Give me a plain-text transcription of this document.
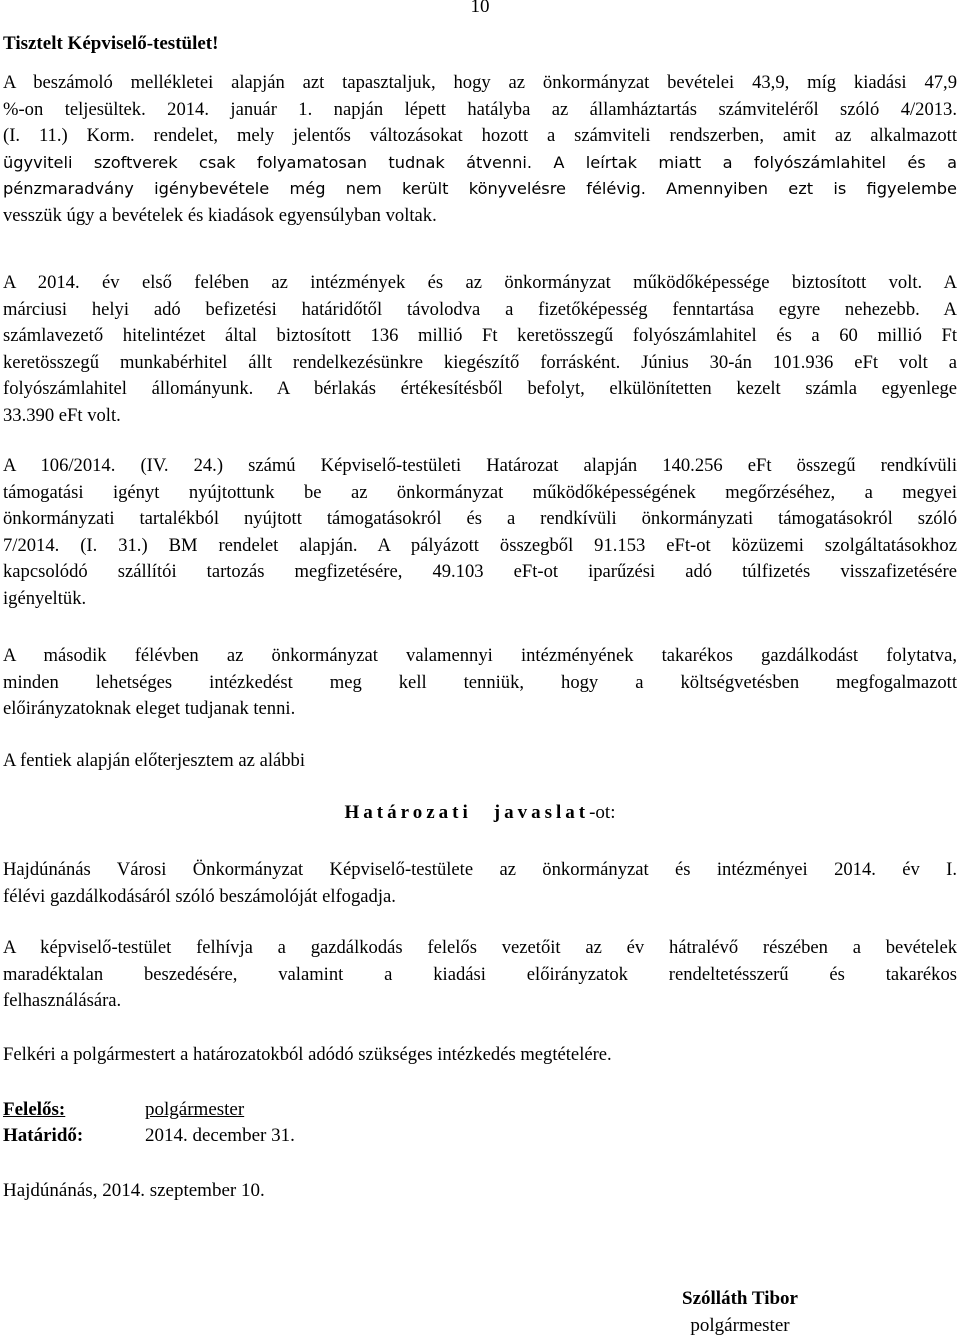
10
Tisztelt Képviselő-testület!
A beszámoló mellékletei alapján azt tapasztaljuk, hogy az önkormányzat bevételei 43,9, míg kiadási 47,9
%-on teljesültek. 2014. január 1. napján lépett hatályba az államháztartás számviteléről szóló 4/2013.
(I. 11.) Korm. rendelet, mely jelentős változásokat hozott a számviteli rendszerben, amit az alkalmazott
ügyviteli szoftverek csak folyamatosan tudnak átvenni. A leírtak miatt a folyószámlahitel és a
pénzmaradvány igénybevétele még nem került könyvelésre félévig. Amennyiben ezt is figyelembe
vesszük úgy a bevételek és kiadások egyensúlyban voltak.
A 2014. év első felében az intézmények és az önkormányzat működőképessége biztosított volt. A
márciusi helyi adó befizetési határidőtől távolodva a fizetőképesség fenntartása egyre nehezebb. A
számlavezető hitelintézet által biztosított 136 millió Ft keretösszegű folyószámlahitel és a 60 millió Ft
keretösszegű munkabérhitel állt rendelkezésünkre kiegészítő forrásként. Június 30-án 101.936 eFt volt a
folyószámlahitel állományunk. A bérlakás értékesítésből befolyt, elkülönítetten kezelt számla egyenlege
33.390 eFt volt.
A 106/2014. (IV. 24.) számú Képviselő-testületi Határozat alapján 140.256 eFt összegű rendkívüli
támogatási igényt nyújtottunk be az önkormányzat működőképességének megőrzéséhez, a megyei
önkormányzati tartalékból nyújtott támogatásokról és a rendkívüli önkormányzati támogatásokról szóló
7/2014. (I. 31.) BM rendelet alapján. A pályázott összegből 91.153 eFt-ot közüzemi szolgáltatásokhoz
kapcsolódó szállítói tartozás megfizetésére, 49.103 eFt-ot iparűzési adó túlfizetés visszafizetésére
igényeltük.
A második félévben az önkormányzat valamennyi intézményének takarékos gazdálkodást folytatva,
minden lehetséges intézkedést meg kell tenniük, hogy a költségvetésben megfogalmazott
előirányzatoknak eleget tudjanak tenni.
A fentiek alapján előterjesztem az alábbi
Határozati javaslat-ot:
Hajdúnánás Városi Önkormányzat Képviselő-testülete az önkormányzat és intézményei 2014. év I.
félévi gazdálkodásáról szóló beszámolóját elfogadja.
A képviselő-testület felhívja a gazdálkodás felelős vezetőit az év hátralévő részében a bevételek
maradéktalan beszedésére, valamint a kiadási előirányzatok rendeltetésszerű és takarékos
felhasználására.
Felkéri a polgármestert a határozatokból adódó szükséges intézkedés megtételére.
Felelős:	polgármester
Határidő:	2014. december 31.
Hajdúnánás, 2014. szeptember 10.
Szólláth Tibor
polgármester
